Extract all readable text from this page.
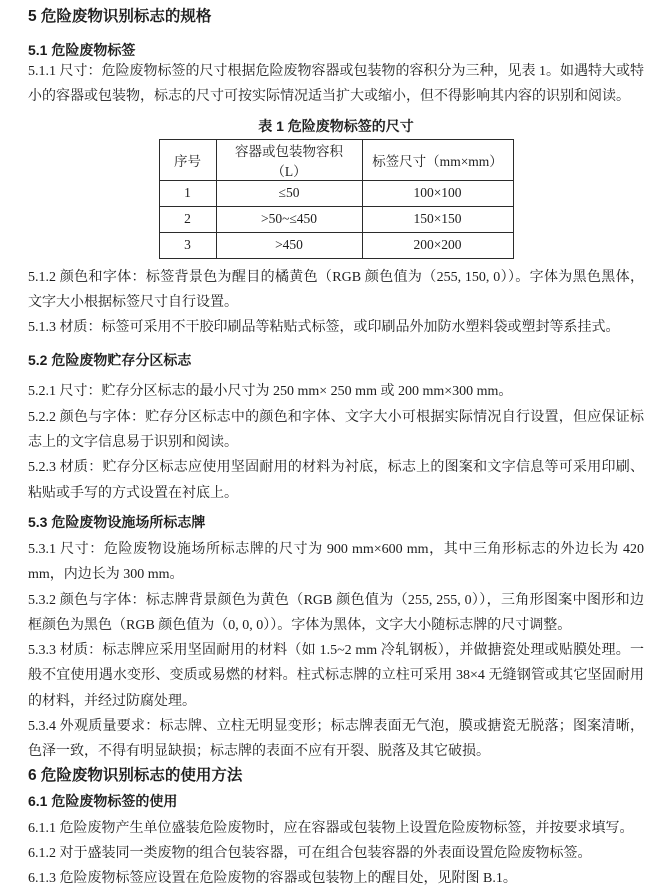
5 危险废物识别标志的规格
5.1 危险废物标签

5.1.1 尺寸：危险废物标签的尺寸根据危险废物容器或包装物的容积分为三种，见表 1。如遇特大或特小的容器或包装物，标志的尺寸可按实际情况适当扩大或缩小，但不得影响其内容的识别和阅读。

表 1 危险废物标签的尺寸
序号	容器或包装物容积（L）	标签尺寸（mm×mm）
1	≤50	100×100
2	>50~≤450	150×150
3	>450	200×200

5.1.2 颜色和字体：标签背景色为醒目的橘黄色（RGB 颜色值为（255, 150, 0））。字体为黑色黑体，文字大小根据标签尺寸自行设置。

5.1.3 材质：标签可采用不干胶印刷品等粘贴式标签，或印刷品外加防水塑料袋或塑封等系挂式。

5.2 危险废物贮存分区标志

5.2.1 尺寸：贮存分区标志的最小尺寸为 250 mm× 250 mm 或 200 mm×300 mm。

5.2.2 颜色与字体：贮存分区标志中的颜色和字体、文字大小可根据实际情况自行设置，但应保证标志上的文字信息易于识别和阅读。

5.2.3 材质：贮存分区标志应使用坚固耐用的材料为衬底，标志上的图案和文字信息等可采用印刷、粘贴或手写的方式设置在衬底上。

5.3 危险废物设施场所标志牌

5.3.1 尺寸：危险废物设施场所标志牌的尺寸为 900 mm×600 mm，其中三角形标志的外边长为 420 mm，内边长为 300 mm。

5.3.2 颜色与字体：标志牌背景颜色为黄色（RGB 颜色值为（255, 255, 0）），三角形图案中图形和边框颜色为黑色（RGB 颜色值为（0, 0, 0））。字体为黑体，文字大小随标志牌的尺寸调整。

5.3.3 材质：标志牌应采用坚固耐用的材料（如 1.5~2 mm 冷轧钢板），并做搪瓷处理或贴膜处理。一般不宜使用遇水变形、变质或易燃的材料。柱式标志牌的立柱可采用 38×4 无缝钢管或其它坚固耐用的材料，并经过防腐处理。

5.3.4 外观质量要求：标志牌、立柱无明显变形；标志牌表面无气泡，膜或搪瓷无脱落；图案清晰，色泽一致，不得有明显缺损；标志牌的表面不应有开裂、脱落及其它破损。

6 危险废物识别标志的使用方法
6.1 危险废物标签的使用

6.1.1 危险废物产生单位盛装危险废物时，应在容器或包装物上设置危险废物标签，并按要求填写。

6.1.2 对于盛装同一类废物的组合包装容器，可在组合包装容器的外表面设置危险废物标签。

6.1.3 危险废物标签应设置在危险废物的容器或包装物上的醒目处，见附图 B.1。
